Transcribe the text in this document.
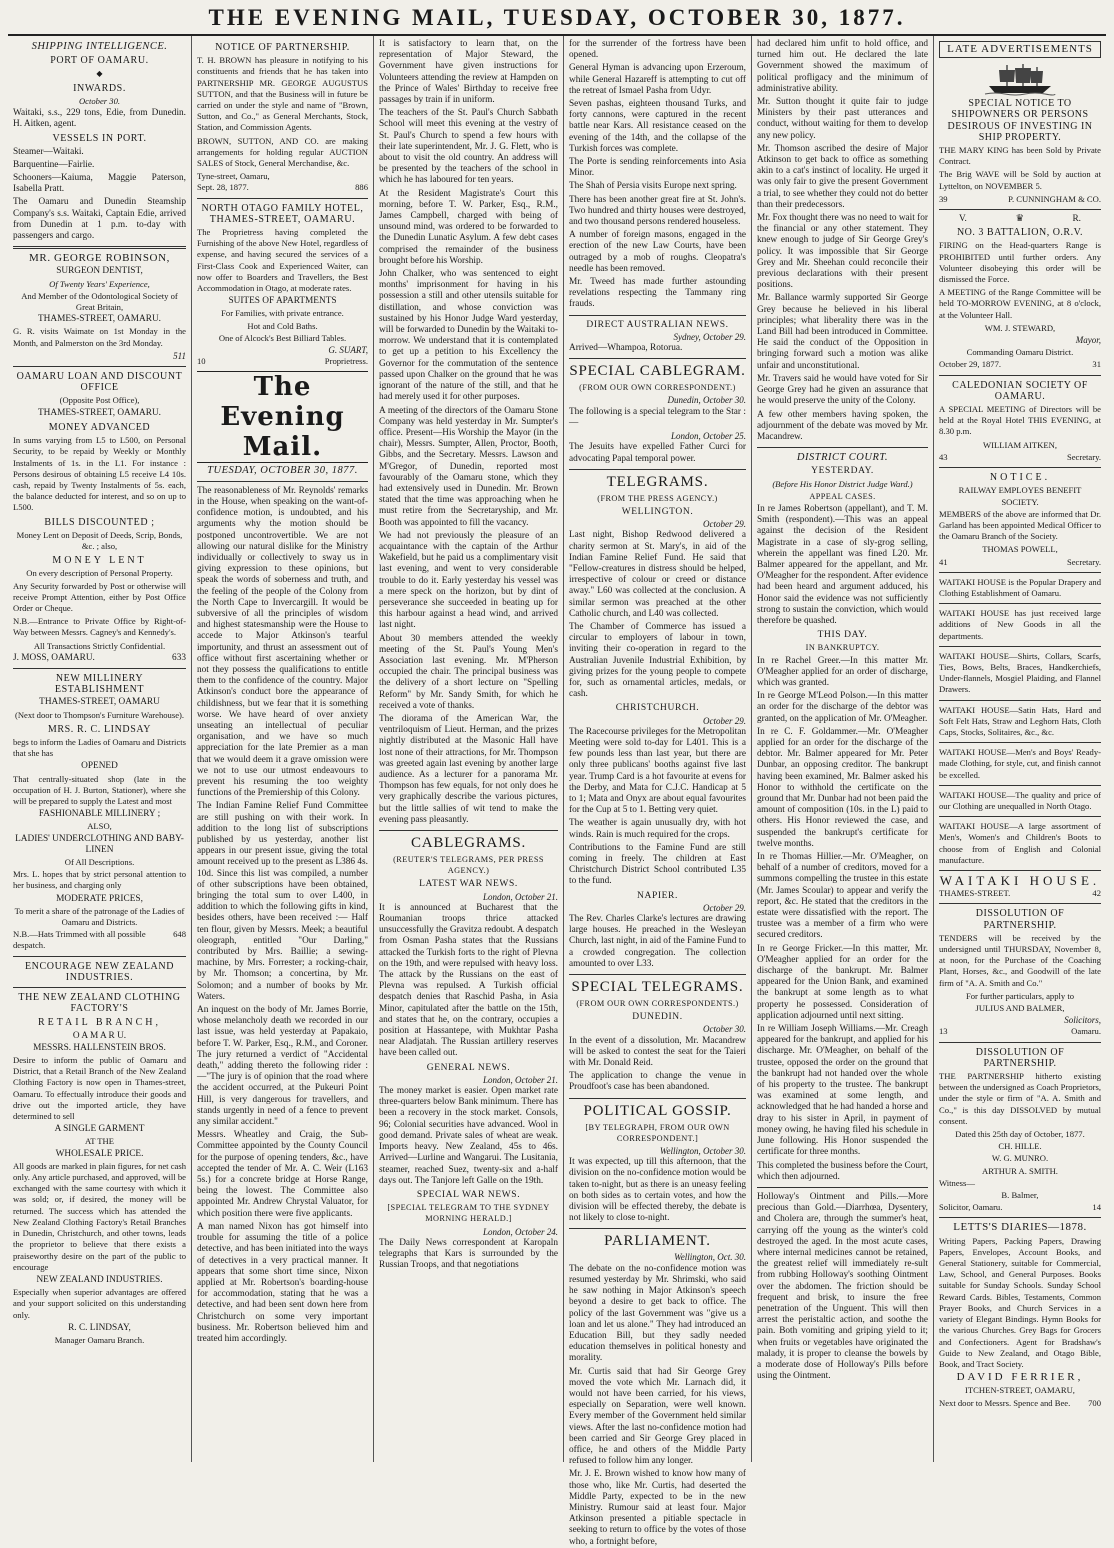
THE EVENING MAIL, TUESDAY, OCTOBER 30, 1877.
SHIPPING INTELLIGENCE.
PORT OF OAMARU.
◆
INWARDS.
October 30.

Waitaki, s.s., 229 tons, Edie, from Dunedin. H. Aitken, agent.

VESSELS IN PORT.

Steamer—Waitaki.

Barquentine—Fairlie.

Schooners—Kaiuma, Maggie Paterson, Isabella Pratt.

The Oamaru and Dunedin Steamship Company's s.s. Waitaki, Captain Edie, arrived from Dunedin at 1 p.m. to-day with passengers and cargo.

MR. GEORGE ROBINSON,
SURGEON DENTIST,
Of Twenty Years' Experience,
And Member of the Odontological Society of Great Britain,
THAMES-STREET, OAMARU.

G. R. visits Waimate on 1st Monday in the Month, and Palmerston on the 3rd Monday.

511
OAMARU LOAN AND DISCOUNT OFFICE
(Opposite Post Office),
THAMES-STREET, OAMARU.
MONEY ADVANCED

In sums varying from L5 to L500, on Personal Security, to be repaid by Weekly or Monthly Instalments of 1s. in the L1. For instance : Persons desirous of obtaining L5 receive L4 10s. cash, repaid by Twenty Instalments of 5s. each, the balance deducted for interest, and so on up to L500.

BILLS DISCOUNTED ;
Money Lent on Deposit of Deeds, Scrip, Bonds, &c. ; also,
MONEY LENT
On every description of Personal Property.

Any Security forwarded by Post or otherwise will receive Prompt Attention, either by Post Office Order or Cheque.

N.B.—Entrance to Private Office by Right-of-Way between Messrs. Cagney's and Kennedy's.

All Transactions Strictly Confidential.
J. MOSS, OAMARU.	633
NEW MILLINERY ESTABLISHMENT
THAMES-STREET, OAMARU
(Next door to Thompson's Furniture Warehouse).
MRS. R. C. LINDSAY

begs to inform the Ladies of Oamaru and Districts that she has

OPENED

That centrally-situated shop (late in the occupation of H. J. Burton, Stationer), where she will be prepared to supply the Latest and most

FASHIONABLE MILLINERY ;
ALSO,
LADIES' UNDERCLOTHING AND BABY-LINEN
Of All Descriptions.

Mrs. L. hopes that by strict personal attention to her business, and charging only

MODERATE PRICES,
To merit a share of the patronage of the Ladies of Oamaru and Districts.
N.B.—Hats Trimmed with all possible despatch.
648
ENCOURAGE NEW ZEALAND INDUSTRIES.
THE NEW ZEALAND CLOTHING FACTORY'S
RETAIL BRANCH,
O A M A R U.
MESSRS. HALLENSTEIN BROS.

Desire to inform the public of Oamaru and District, that a Retail Branch of the New Zealand Clothing Factory is now open in Thames-street, Oamaru. To effectually introduce their goods and drive out the imported article, they have determined to sell

A SINGLE GARMENT
AT THE
WHOLESALE PRICE.

All goods are marked in plain figures, for net cash only. Any article purchased, and approved, will be exchanged with the same courtesy with which it was sold; or, if desired, the money will be returned. The success which has attended the New Zealand Clothing Factory's Retail Branches in Dunedin, Christchurch, and other towns, leads the proprietor to believe that there exists a praiseworthy desire on the part of the public to encourage

NEW ZEALAND INDUSTRIES.

Especially when superior advantages are offered and your support solicited on this understanding only.

R. C. LINDSAY,
Manager Oamaru Branch.
NOTICE OF PARTNERSHIP.

T. H. BROWN has pleasure in notifying to his constituents and friends that he has taken into PARTNERSHIP MR. GEORGE AUGUSTUS SUTTON, and that the Business will in future be carried on under the style and name of "Brown, Sutton, and Co.," as General Merchants, Stock, Station, and Commission Agents.

BROWN, SUTTON, AND CO. are making arrangements for holding regular AUCTION SALES of Stock, General Merchandise, &c.

Tyne-street, Oamaru,
Sept. 28, 1877.	886
NORTH OTAGO FAMILY HOTEL, THAMES-STREET, OAMARU.

The Proprietress having completed the Furnishing of the above New Hotel, regardless of expense, and having secured the services of a First-Class Cook and Experienced Waiter, can now offer to Boarders and Travellers, the Best Accommodation in Otago, at moderate rates.

SUITES OF APARTMENTS
For Families, with private entrance.
Hot and Cold Baths.
One of Alcock's Best Billiard Tables.
G. SUART,
10	Proprietress.
The Evening Mail.
TUESDAY, OCTOBER 30, 1877.

The reasonableness of Mr. Reynolds' remarks in the House, when speaking on the want-of-confidence motion, is undoubted, and his arguments why the motion should be postponed uncontrovertible. We are not allowing our natural dislike for the Ministry individually or collectively to sway us in giving expression to these opinions, but speak the words of soberness and truth, and the feeling of the people of the Colony from the North Cape to Invercargill. It would be subversive of all the principles of wisdom and highest statesmanship were the House to accede to Major Atkinson's tearful importunity, and thrust an assessment out of office without first ascertaining whether or not they possess the qualifications to entitle them to the confidence of the country. Major Atkinson's conduct bore the appearance of childishness, but we fear that it is something worse. We have heard of over anxiety unseating an intellectual of peculiar organisation, and we have so much appreciation for the late Premier as a man that we would deem it a grave omission were we not to use our utmost endeavours to prevent his resuming the too weighty functions of the Premiership of this Colony.

The Indian Famine Relief Fund Committee are still pushing on with their work. In addition to the long list of subscriptions published by us yesterday, another list appears in our present issue, giving the total amount received up to the present as L386 4s. 10d. Since this list was compiled, a number of other subscriptions have been obtained, bringing the total sum to over L400, in addition to which the following gifts in kind, besides others, have been received :— Half ten flour, given by Messrs. Meek; a beautiful oleograph, entitled "Our Darling," contributed by Mrs. Baillie; a sewing-machine, by Mrs. Forrester; a rocking-chair, by Mr. Thomson; a concertina, by Mr. Solomon; and a number of books by Mr. Waters.

An inquest on the body of Mr. James Borrie, whose melancholy death we recorded in our last issue, was held yesterday at Papakaio, before T. W. Parker, Esq., R.M., and Coroner. The jury returned a verdict of "Accidental death," adding thereto the following rider :—"The jury is of opinion that the road where the accident occurred, at the Pukeuri Point Hill, is very dangerous for travellers, and stands urgently in need of a fence to prevent any similar accident."

Messrs. Wheatley and Craig, the Sub-Committee appointed by the County Council for the purpose of opening tenders, &c., have accepted the tender of Mr. A. C. Weir (L163 5s.) for a concrete bridge at Horse Range, being the lowest. The Committee also appointed Mr. Andrew Chrystal Valuator, for which position there were five applicants.

A man named Nixon has got himself into trouble for assuming the title of a police detective, and has been initiated into the ways of detectives in a very practical manner. It appears that some short time since, Nixon applied at Mr. Robertson's boarding-house for accommodation, stating that he was a detective, and had been sent down here from Christchurch on some very important business. Mr. Robertson believed him and treated him accordingly.

It is satisfactory to learn that, on the representation of Major Steward, the Government have given instructions for Volunteers attending the review at Hampden on the Prince of Wales' Birthday to receive free passages by train if in uniform.

The teachers of the St. Paul's Church Sabbath School will meet this evening at the vestry of St. Paul's Church to spend a few hours with their late superintendent, Mr. J. G. Flett, who is about to visit the old country. An address will be presented by the teachers of the school in which he has laboured for ten years.

At the Resident Magistrate's Court this morning, before T. W. Parker, Esq., R.M., James Campbell, charged with being of unsound mind, was ordered to be forwarded to the Dunedin Lunatic Asylum. A few debt cases comprised the remainder of the business brought before his Worship.

John Chalker, who was sentenced to eight months' imprisonment for having in his possession a still and other utensils suitable for distillation, and whose conviction was sustained by his Honor Judge Ward yesterday, will be forwarded to Dunedin by the Waitaki to-morrow. We understand that it is contemplated to get up a petition to his Excellency the Governor for the commutation of the sentence passed upon Chalker on the ground that he was ignorant of the nature of the still, and that he had merely used it for other purposes.

A meeting of the directors of the Oamaru Stone Company was held yesterday in Mr. Sumpter's office. Present—His Worship the Mayor (in the chair), Messrs. Sumpter, Allen, Proctor, Booth, Gibbs, and the Secretary. Messrs. Lawson and M'Gregor, of Dunedin, reported most favourably of the Oamaru stone, which they had extensively used in Dunedin. Mr. Brown stated that the time was approaching when he must retire from the Secretaryship, and Mr. Booth was appointed to fill the vacancy.

We had not previously the pleasure of an acquaintance with the captain of the Arthur Wakefield, but he paid us a complimentary visit last evening, and went to very considerable trouble to do it. Early yesterday his vessel was a mere speck on the horizon, but by dint of perseverance she succeeded in beating up for this harbour against a head wind, and arrived last night.

About 30 members attended the weekly meeting of the St. Paul's Young Men's Association last evening. Mr. M'Pherson occupied the chair. The principal business was the delivery of a short lecture on "Spelling Reform" by Mr. Sandy Smith, for which he received a vote of thanks.

The diorama of the American War, the ventriloquism of Lieut. Herman, and the prizes nightly distributed at the Masonic Hall have lost none of their attractions, for Mr. Thompson was greeted again last evening by another large audience. As a lecturer for a panorama Mr. Thompson has few equals, for not only does he very graphically describe the various pictures, but the little sallies of wit tend to make the evening pass pleasantly.

CABLEGRAMS.
(REUTER'S TELEGRAMS, PER PRESS AGENCY.)
LATEST WAR NEWS.
London, October 21.

It is announced at Bucharest that the Roumanian troops thrice attacked unsuccessfully the Gravitza redoubt. A despatch from Osman Pasha states that the Russians attacked the Turkish forts to the right of Plevna on the 19th, and were repulsed with heavy loss. The attack by the Russians on the east of Plevna was repulsed. A Turkish official despatch denies that Raschid Pasha, in Asia Minor, capitulated after the battle on the 15th, and states that he, on the contrary, occupies a position at Hassantepe, with Mukhtar Pasha near Aladjatah. The Russian artillery reserves have been called out.

GENERAL NEWS.
London, October 21.

The money market is easier. Open market rate three-quarters below Bank minimum. There has been a recovery in the stock market. Consols, 96; Colonial securities have advanced. Wool in good demand. Private sales of wheat are weak. Imports heavy. New Zealand, 45s to 46s. Arrived—Lurline and Wangarui. The Lusitania, steamer, reached Suez, twenty-six and a-half days out. The Tanjore left Galle on the 19th.

SPECIAL WAR NEWS.
[SPECIAL TELEGRAM TO THE SYDNEY MORNING HERALD.]
London, October 24.

The Daily News correspondent at Karopaln telegraphs that Kars is surrounded by the Russian Troops, and that negotiations

for the surrender of the fortress have been opened.

General Hyman is advancing upon Erzeroum, while General Hazareff is attempting to cut off the retreat of Ismael Pasha from Udyr.

Seven pashas, eighteen thousand Turks, and forty cannons, were captured in the recent battle near Kars. All resistance ceased on the evening of the 14th, and the collapse of the Turkish forces was complete.

The Porte is sending reinforcements into Asia Minor.

The Shah of Persia visits Europe next spring.

There has been another great fire at St. John's. Two hundred and thirty houses were destroyed, and two thousand persons rendered houseless.

A number of foreign masons, engaged in the erection of the new Law Courts, have been outraged by a mob of roughs. Cleopatra's needle has been removed.

Mr. Tweed has made further astounding revelations respecting the Tammany ring frauds.

DIRECT AUSTRALIAN NEWS.
Sydney, October 29.

Arrived—Whampoa, Rotorua.

SPECIAL CABLEGRAM.
(FROM OUR OWN CORRESPONDENT.)
Dunedin, October 30.

The following is a special telegram to the Star :—

London, October 25.

The Jesuits have expelled Father Curci for advocating Papal temporal power.

TELEGRAMS.
(FROM THE PRESS AGENCY.)
WELLINGTON.
October 29.

Last night, Bishop Redwood delivered a charity sermon at St. Mary's, in aid of the Indian Famine Relief Fund. He said that "Fellow-creatures in distress should be helped, irrespective of colour or creed or distance away." L60 was collected at the conclusion. A similar sermon was preached at the other Catholic church, and L40 was collected.

The Chamber of Commerce has issued a circular to employers of labour in town, inviting their co-operation in regard to the Australian Juvenile Industrial Exhibition, by giving prizes for the young people to compete for, such as ornamental articles, medals, or cash.

CHRISTCHURCH.
October 29.

The Racecourse privileges for the Metropolitan Meeting were sold to-day for L401. This is a few pounds less than last year, but there are only three publicans' booths against five last year. Trump Card is a hot favourite at evens for the Derby, and Mata for C.J.C. Handicap at 5 to 1; Mata and Onyx are about equal favourites for the Cup at 5 to 1. Betting very quiet.

The weather is again unusually dry, with hot winds. Rain is much required for the crops.

Contributions to the Famine Fund are still coming in freely. The children at East Christchurch District School contributed L35 to the fund.

NAPIER.
October 29.

The Rev. Charles Clarke's lectures are drawing large houses. He preached in the Wesleyan Church, last night, in aid of the Famine Fund to a crowded congregation. The collection amounted to over L33.

SPECIAL TELEGRAMS.
(FROM OUR OWN CORRESPONDENTS.)
DUNEDIN.
October 30.

In the event of a dissolution, Mr. Macandrew will be asked to contest the seat for the Taieri with Mr. Donald Reid.

The application to change the venue in Proudfoot's case has been abandoned.

POLITICAL GOSSIP.
[BY TELEGRAPH, FROM OUR OWN CORRESPONDENT.]
Wellington, October 30.

It was expected, up till this afternoon, that the division on the no-confidence motion would be taken to-night, but as there is an uneasy feeling on both sides as to certain votes, and how the division will be effected thereby, the debate is not likely to close to-night.

PARLIAMENT.
Wellington, Oct. 30.

The debate on the no-confidence motion was resumed yesterday by Mr. Shrimski, who said he saw nothing in Major Atkinson's speech beyond a desire to get back to office. The policy of the last Government was "give us a loan and let us alone." They had introduced an Education Bill, but they sadly needed education themselves in political honesty and morality.

Mr. Curtis said that had Sir George Grey moved the vote which Mr. Larnach did, it would not have been carried, for his views, especially on Separation, were well known. Every member of the Government held similar views. After the last no-confidence motion had been carried and Sir George Grey placed in office, he and others of the Middle Party refused to follow him any longer.

Mr. J. E. Brown wished to know how many of those who, like Mr. Curtis, had deserted the Middle Party, expected to be in the new Ministry. Rumour said at least four. Major Atkinson presented a pitiable spectacle in seeking to return to office by the votes of those who, a fortnight before,

had declared him unfit to hold office, and turned him out. He declared the late Government showed the maximum of political profligacy and the minimum of administrative ability.

Mr. Sutton thought it quite fair to judge Ministers by their past utterances and conduct, without waiting for them to develop any new policy.

Mr. Thomson ascribed the desire of Major Atkinson to get back to office as something akin to a cat's instinct of locality. He urged it was only fair to give the present Government a trial, to see whether they could not do better than their predecessors.

Mr. Fox thought there was no need to wait for the financial or any other statement. They knew enough to judge of Sir George Grey's policy. It was impossible that Sir George Grey and Mr. Sheehan could reconcile their previous declarations with their present positions.

Mr. Ballance warmly supported Sir George Grey because he believed in his liberal principles; what liberality there was in the Land Bill had been introduced in Committee. He said the conduct of the Opposition in bringing forward such a motion was alike unfair and unconstitutional.

Mr. Travers said he would have voted for Sir George Grey had he given an assurance that he would preserve the unity of the Colony.

A few other members having spoken, the adjournment of the debate was moved by Mr. Macandrew.

DISTRICT COURT.
YESTERDAY.
(Before His Honor District Judge Ward.)
APPEAL CASES.

In re James Robertson (appellant), and T. M. Smith (respondent).—This was an appeal against the decision of the Resident Magistrate in a case of sly-grog selling, wherein the appellant was fined L20. Mr. Balmer appeared for the appellant, and Mr. O'Meagher for the respondent. After evidence had been heard and argument adduced, his Honor said the evidence was not sufficiently strong to sustain the conviction, which would therefore be quashed.

THIS DAY.
IN BANKRUPTCY.

In re Rachel Greer.—In this matter Mr. O'Meagher applied for an order of discharge, which was granted.

In re George M'Leod Polson.—In this matter an order for the discharge of the debtor was granted, on the application of Mr. O'Meagher.

In re C. F. Goldammer.—Mr. O'Meagher applied for an order for the discharge of the debtor. Mr. Balmer appeared for Mr. Peter Dunbar, an opposing creditor. The bankrupt having been examined, Mr. Balmer asked his Honor to withhold the certificate on the ground that Mr. Dunbar had not been paid the amount of composition (10s. in the L) paid to others. His Honor reviewed the case, and suspended the bankrupt's certificate for twelve months.

In re Thomas Hillier.—Mr. O'Meagher, on behalf of a number of creditors, moved for a summons compelling the trustee in this estate (Mr. James Scoular) to appear and verify the report, &c. He stated that the creditors in the estate were dissatisfied with the report. The trustee was a member of a firm who were secured creditors.

In re George Fricker.—In this matter, Mr. O'Meagher applied for an order for the discharge of the bankrupt. Mr. Balmer appeared for the Union Bank, and examined the bankrupt at some length as to what property he possessed. Consideration of application adjourned until next sitting.

In re William Joseph Williams.—Mr. Creagh appeared for the bankrupt, and applied for his discharge. Mr. O'Meagher, on behalf of the trustee, opposed the order on the ground that the bankrupt had not handed over the whole of his property to the trustee. The bankrupt was examined at some length, and acknowledged that he had handed a horse and dray to his sister in April, in payment of money owing, he having filed his schedule in June following. His Honor suspended the certificate for three months.

This completed the business before the Court, which then adjourned.

Holloway's Ointment and Pills.—More precious than Gold.—Diarrhœa, Dysentery, and Cholera are, through the summer's heat, carrying off the young as the winter's cold destroyed the aged. In the most acute cases, where internal medicines cannot be retained, the greatest relief will immediately re-sult from rubbing Holloway's soothing Ointment over the abdomen. The friction should be frequent and brisk, to insure the free penetration of the Unguent. This will then arrest the peristaltic action, and soothe the pain. Both vomiting and griping yield to it; when fruits or vegetables have originated the malady, it is proper to cleanse the bowels by a moderate dose of Holloway's Pills before using the Ointment.

LATE ADVERTISEMENTS
SPECIAL NOTICE TO SHIPOWNERS OR PERSONS DESIROUS OF INVESTING IN SHIP PROPERTY.

THE MARY KING has been Sold by Private Contract.

The Brig WAVE will be Sold by auction at Lyttelton, on NOVEMBER 5.

39	P. CUNNINGHAM & CO.
V.	♛	R.
NO. 3 BATTALION, O.R.V.

FIRING on the Head-quarters Range is PROHIBITED until further orders. Any Volunteer disobeying this order will be dismissed the Force.

A MEETING of the Range Committee will be held TO-MORROW EVENING, at 8 o'clock, at the Volunteer Hall.

WM. J. STEWARD,
Mayor,
Commanding Oamaru District.
October 29, 1877.	31
CALEDONIAN SOCIETY OF OAMARU.

A SPECIAL MEETING of Directors will be held at the Royal Hotel THIS EVENING, at 8.30 p.m.

WILLIAM AITKEN,
43	Secretary.
NOTICE.
RAILWAY EMPLOYES BENEFIT SOCIETY.

MEMBERS of the above are informed that Dr. Garland has been appointed Medical Officer to the Oamaru Branch of the Society.

THOMAS POWELL,
41	Secretary.

WAITAKI HOUSE is the Popular Drapery and Clothing Establishment of Oamaru.

WAITAKI HOUSE has just received large additions of New Goods in all the departments.

WAITAKI HOUSE—Shirts, Collars, Scarfs, Ties, Bows, Belts, Braces, Handkerchiefs, Under-flannels, Mosgiel Plaiding, and Flannel Drawers.

WAITAKI HOUSE—Satin Hats, Hard and Soft Felt Hats, Straw and Leghorn Hats, Cloth Caps, Stocks, Solitaires, &c., &c.

WAITAKI HOUSE—Men's and Boys' Ready-made Clothing, for style, cut, and finish cannot be excelled.

WAITAKI HOUSE—The quality and price of our Clothing are unequalled in North Otago.

WAITAKI HOUSE—A large assortment of Men's, Women's and Children's Boots to choose from of English and Colonial manufacture.

WAITAKI HOUSE.
THAMES-STREET.	42
DISSOLUTION OF PARTNERSHIP.

TENDERS will be received by the undersigned until THURSDAY, November 8, at noon, for the Purchase of the Coaching Plant, Horses, &c., and Goodwill of the late firm of "A. A. Smith and Co."

For further particulars, apply to
JULIUS AND BALMER,
Solicitors,
13	Oamaru.
DISSOLUTION OF PARTNERSHIP.

THE PARTNERSHIP hitherto existing between the undersigned as Coach Proprietors, under the style or firm of "A. A. Smith and Co.," is this day DISSOLVED by mutual consent.

Dated this 25th day of October, 1877.
CH. HILLE.
W. G. MUNRO.
ARTHUR A. SMITH.
Witness—
B. Balmer,
Solicitor, Oamaru.	14
LETTS'S DIARIES—1878.

Writing Papers, Packing Papers, Drawing Papers, Envelopes, Account Books, and General Stationery, suitable for Commercial, Law, School, and General Purposes. Books suitable for Sunday Schools. Sunday School Reward Cards. Bibles, Testaments, Common Prayer Books, and Church Services in a variety of Elegant Bindings. Hymn Books for the various Churches. Grey Bags for Grocers and Confectioners. Agent for Bradshaw's Guide to New Zealand, and Otago Bible, Book, and Tract Society.

DAVID FERRIER,
ITCHEN-STREET, OAMARU,
Next door to Messrs. Spence and Bee. 700
